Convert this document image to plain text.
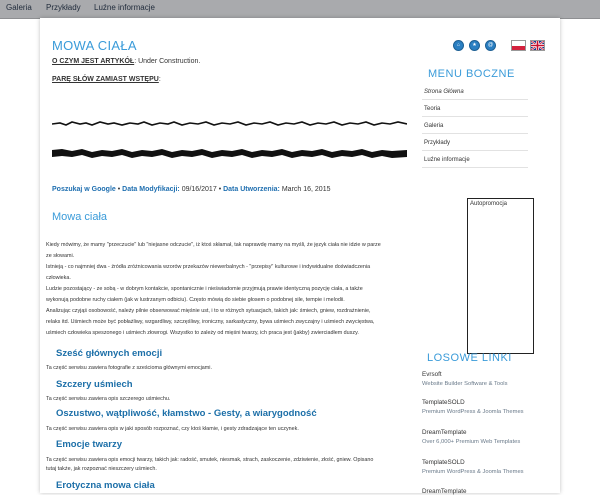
Galeria Przykłady Luźne informacje
MOWA CIAŁA
O CZYM JEST ARTYKÓŁ: Under Construction.
PARĘ SŁÓW ZAMIAST WSTĘPU:
Poszukaj w Google • Data Modyfikacji: 09/16/2017 • Data Utworzenia: March 16, 2015
Mowa ciała
Kiedy mówimy, że mamy "przeczucie" lub "niejasne odczucie", iż ktoś skłamał, tak naprawdę mamy na myśli, że język ciała nie idzie w parze
ze słowami.
Istnieją - co najmniej dwa - źródła zróżnicowania wzorów przekazów niewerbalnych - "przepisy" kulturowe i indywidualne doświadczenia
człowieka.
Ludzie pozostający - ze sobą - w dobrym kontakcie, spontanicznie i nieświadomie przyjmują prawie identyczną pozycję ciała, a także
wykonują podobne ruchy ciałem (jak w lustrzanym odbiciu). Często mówią do siebie głosem o podobnej sile, tempie i melodii.
Analizując czyjąś osobowość, należy pilnie obserwować mięśnie ust, i to w różnych sytuacjach, takich jak: śmiech, gniew, rozdrażnienie,
relaks itd. Uśmiech może być pobłażliwy, wzgardliwy, szczęśliwy, ironiczny, sarkastyczny, bywa uśmiech zwyczajny i uśmiech zwycięstwa,
uśmiech człowieka speszonego i uśmiech złowrogi. Wszystko to zależy od mięśni twarzy, ich praca jest (jakby) zwierciadłem duszy.
Sześć głównych emocji
Ta część serwisu zawiera fotografie z sześcioma głównymi emocjami.
Szczery uśmiech
Ta część serwisu zawiera opis szczerego uśmiechu.
Oszustwo, wątpliwość, kłamstwo - Gesty, a wiarygodność
Ta część serwisu zawiera opis w jaki sposób rozpoznać, czy ktoś kłamie, i gesty zdradzające ten uczynek.
Emocje twarzy
Ta część serwisu zawiera opis emocji twarzy, takich jak: radość, smutek, niesmak, strach, zaskoczenie, zdziwienie, złość, gniew. Opisano
tutaj także, jak rozpoznać nieszczery uśmiech.
Erotyczna mowa ciała
⌂	★	@
MENU BOCZNE
Strona Główna
Teoria
Galeria
Przykłady
Luźne informacje
Autopromocja
LOSOWE LINKI
Evrsoft
Website Builder Software & Tools
TemplateSOLD
Premium WordPress & Joomla Themes
DreamTemplate
Over 6,000+ Premium Web Templates
TemplateSOLD
Premium WordPress & Joomla Themes
DreamTemplate
